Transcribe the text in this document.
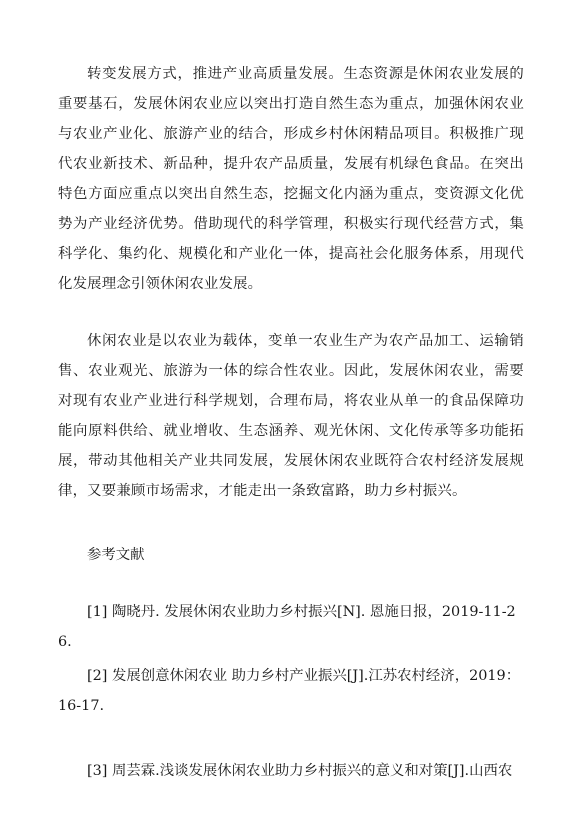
转变发展方式，推进产业高质量发展。生态资源是休闲农业发展的重要基石，发展休闲农业应以突出打造自然生态为重点，加强休闲农业与农业产业化、旅游产业的结合，形成乡村休闲精品项目。积极推广现代农业新技术、新品种，提升农产品质量，发展有机绿色食品。在突出特色方面应重点以突出自然生态，挖掘文化内涵为重点，变资源文化优势为产业经济优势。借助现代的科学管理，积极实行现代经营方式，集科学化、集约化、规模化和产业化一体，提高社会化服务体系，用现代化发展理念引领休闲农业发展。

休闲农业是以农业为载体，变单一农业生产为农产品加工、运输销售、农业观光、旅游为一体的综合性农业。因此，发展休闲农业，需要对现有农业产业进行科学规划，合理布局，将农业从单一的食品保障功能向原料供给、就业增收、生态涵养、观光休闲、文化传承等多功能拓展，带动其他相关产业共同发展，发展休闲农业既符合农村经济发展规律，又要兼顾市场需求，才能走出一条致富路，助力乡村振兴。

参考文献

[1] 陶晓丹. 发展休闲农业助力乡村振兴[N]. 恩施日报，2019-11-26.

[2] 发展创意休闲农业 助力乡村产业振兴[J].江苏农村经济，2019：16-17.

[3] 周芸霖.浅谈发展休闲农业助力乡村振兴的意义和对策[J].山西农
